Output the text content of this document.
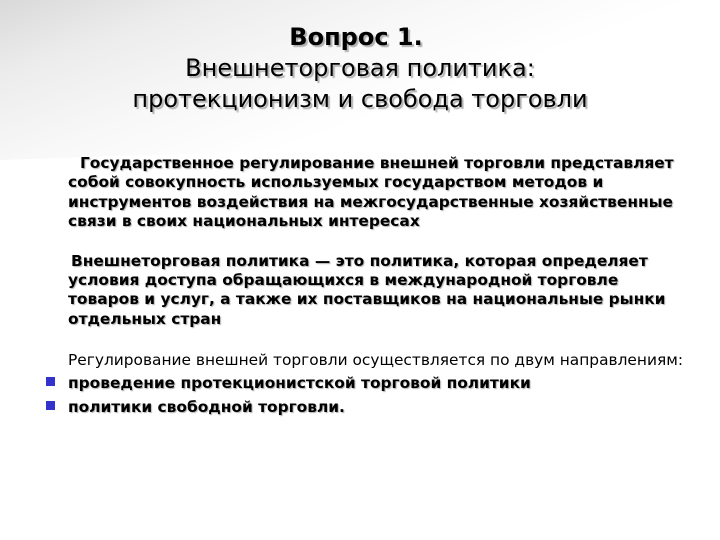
Вопрос 1.

Внешнеторговая политика:

протекционизм и свобода торговли

Государственное регулирование внешней торговли представляет собой совокупность используемых государством методов и инструментов воздействия на межгосударственные хозяйственные связи в своих национальных интересах

Внешнеторговая политика — это политика, которая определяет условия доступа обращающихся в международной торговле товаров и услуг, а также их поставщиков на национальные рынки отдельных стран

Регулирование внешней торговли осуществляется по двум направлениям:

проведение протекционистской торговой политики
политики свободной торговли.
